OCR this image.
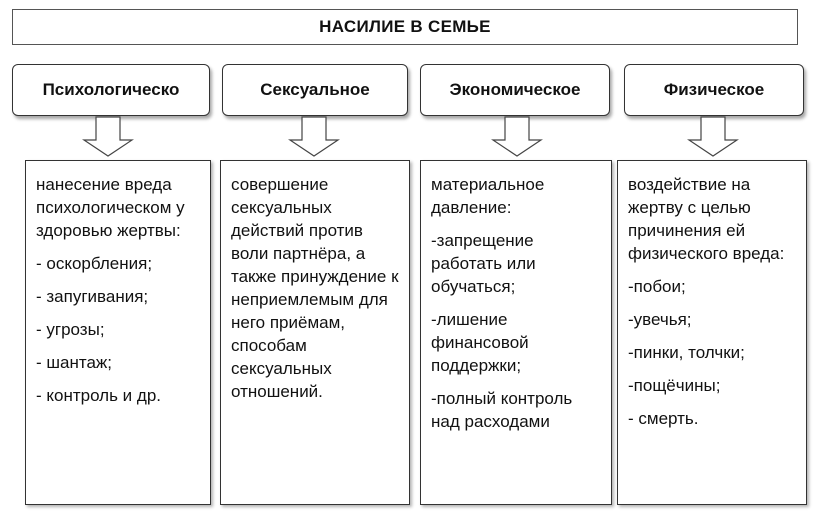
НАСИЛИЕ В СЕМЬЕ
Психологическо	Сексуальное	Экономическое	Физическое

нанесение вреда психологическом у здоровью жертвы:

- оскорбления;
- запугивания;
- угрозы;
- шантаж;
- контроль и др.

совершение сексуальных действий против воли партнёра, а также принуждение к неприемлемым для него приёмам, способам сексуальных отношений.

материальное давление:

-запрещение работать или обучаться;
-лишение финансовой поддержки;
-полный контроль над расходами

воздействие на жертву с целью причинения ей физического вреда:

-побои;
-увечья;
-пинки, толчки;
-пощёчины;
- смерть.
